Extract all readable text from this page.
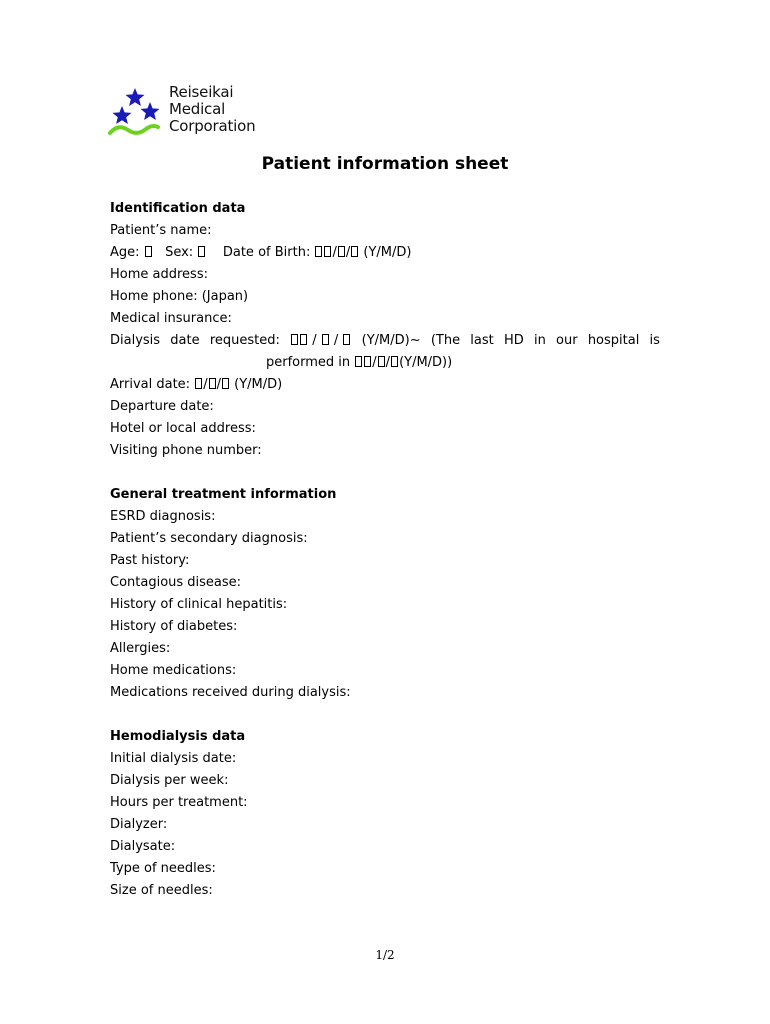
Reiseikai
Medical
Corporation
Patient information sheet
Identification data
Patient’s name:
Age: Sex: Date of Birth: / / (Y/M/D)
Home address:
Home phone: (Japan)
Medical insurance:
Dialysis date requested:	/  /	(Y/M/D)~ (The last HD in our hospital is
performed in / / (Y/M/D))
Arrival date: / / (Y/M/D)
Departure date:
Hotel or local address:
Visiting phone number:
General treatment information
ESRD diagnosis:
Patient’s secondary diagnosis:
Past history:
Contagious disease:
History of clinical hepatitis:
History of diabetes:
Allergies:
Home medications:
Medications received during dialysis:
Hemodialysis data
Initial dialysis date:
Dialysis per week:
Hours per treatment:
Dialyzer:
Dialysate:
Type of needles:
Size of needles:
1/2
